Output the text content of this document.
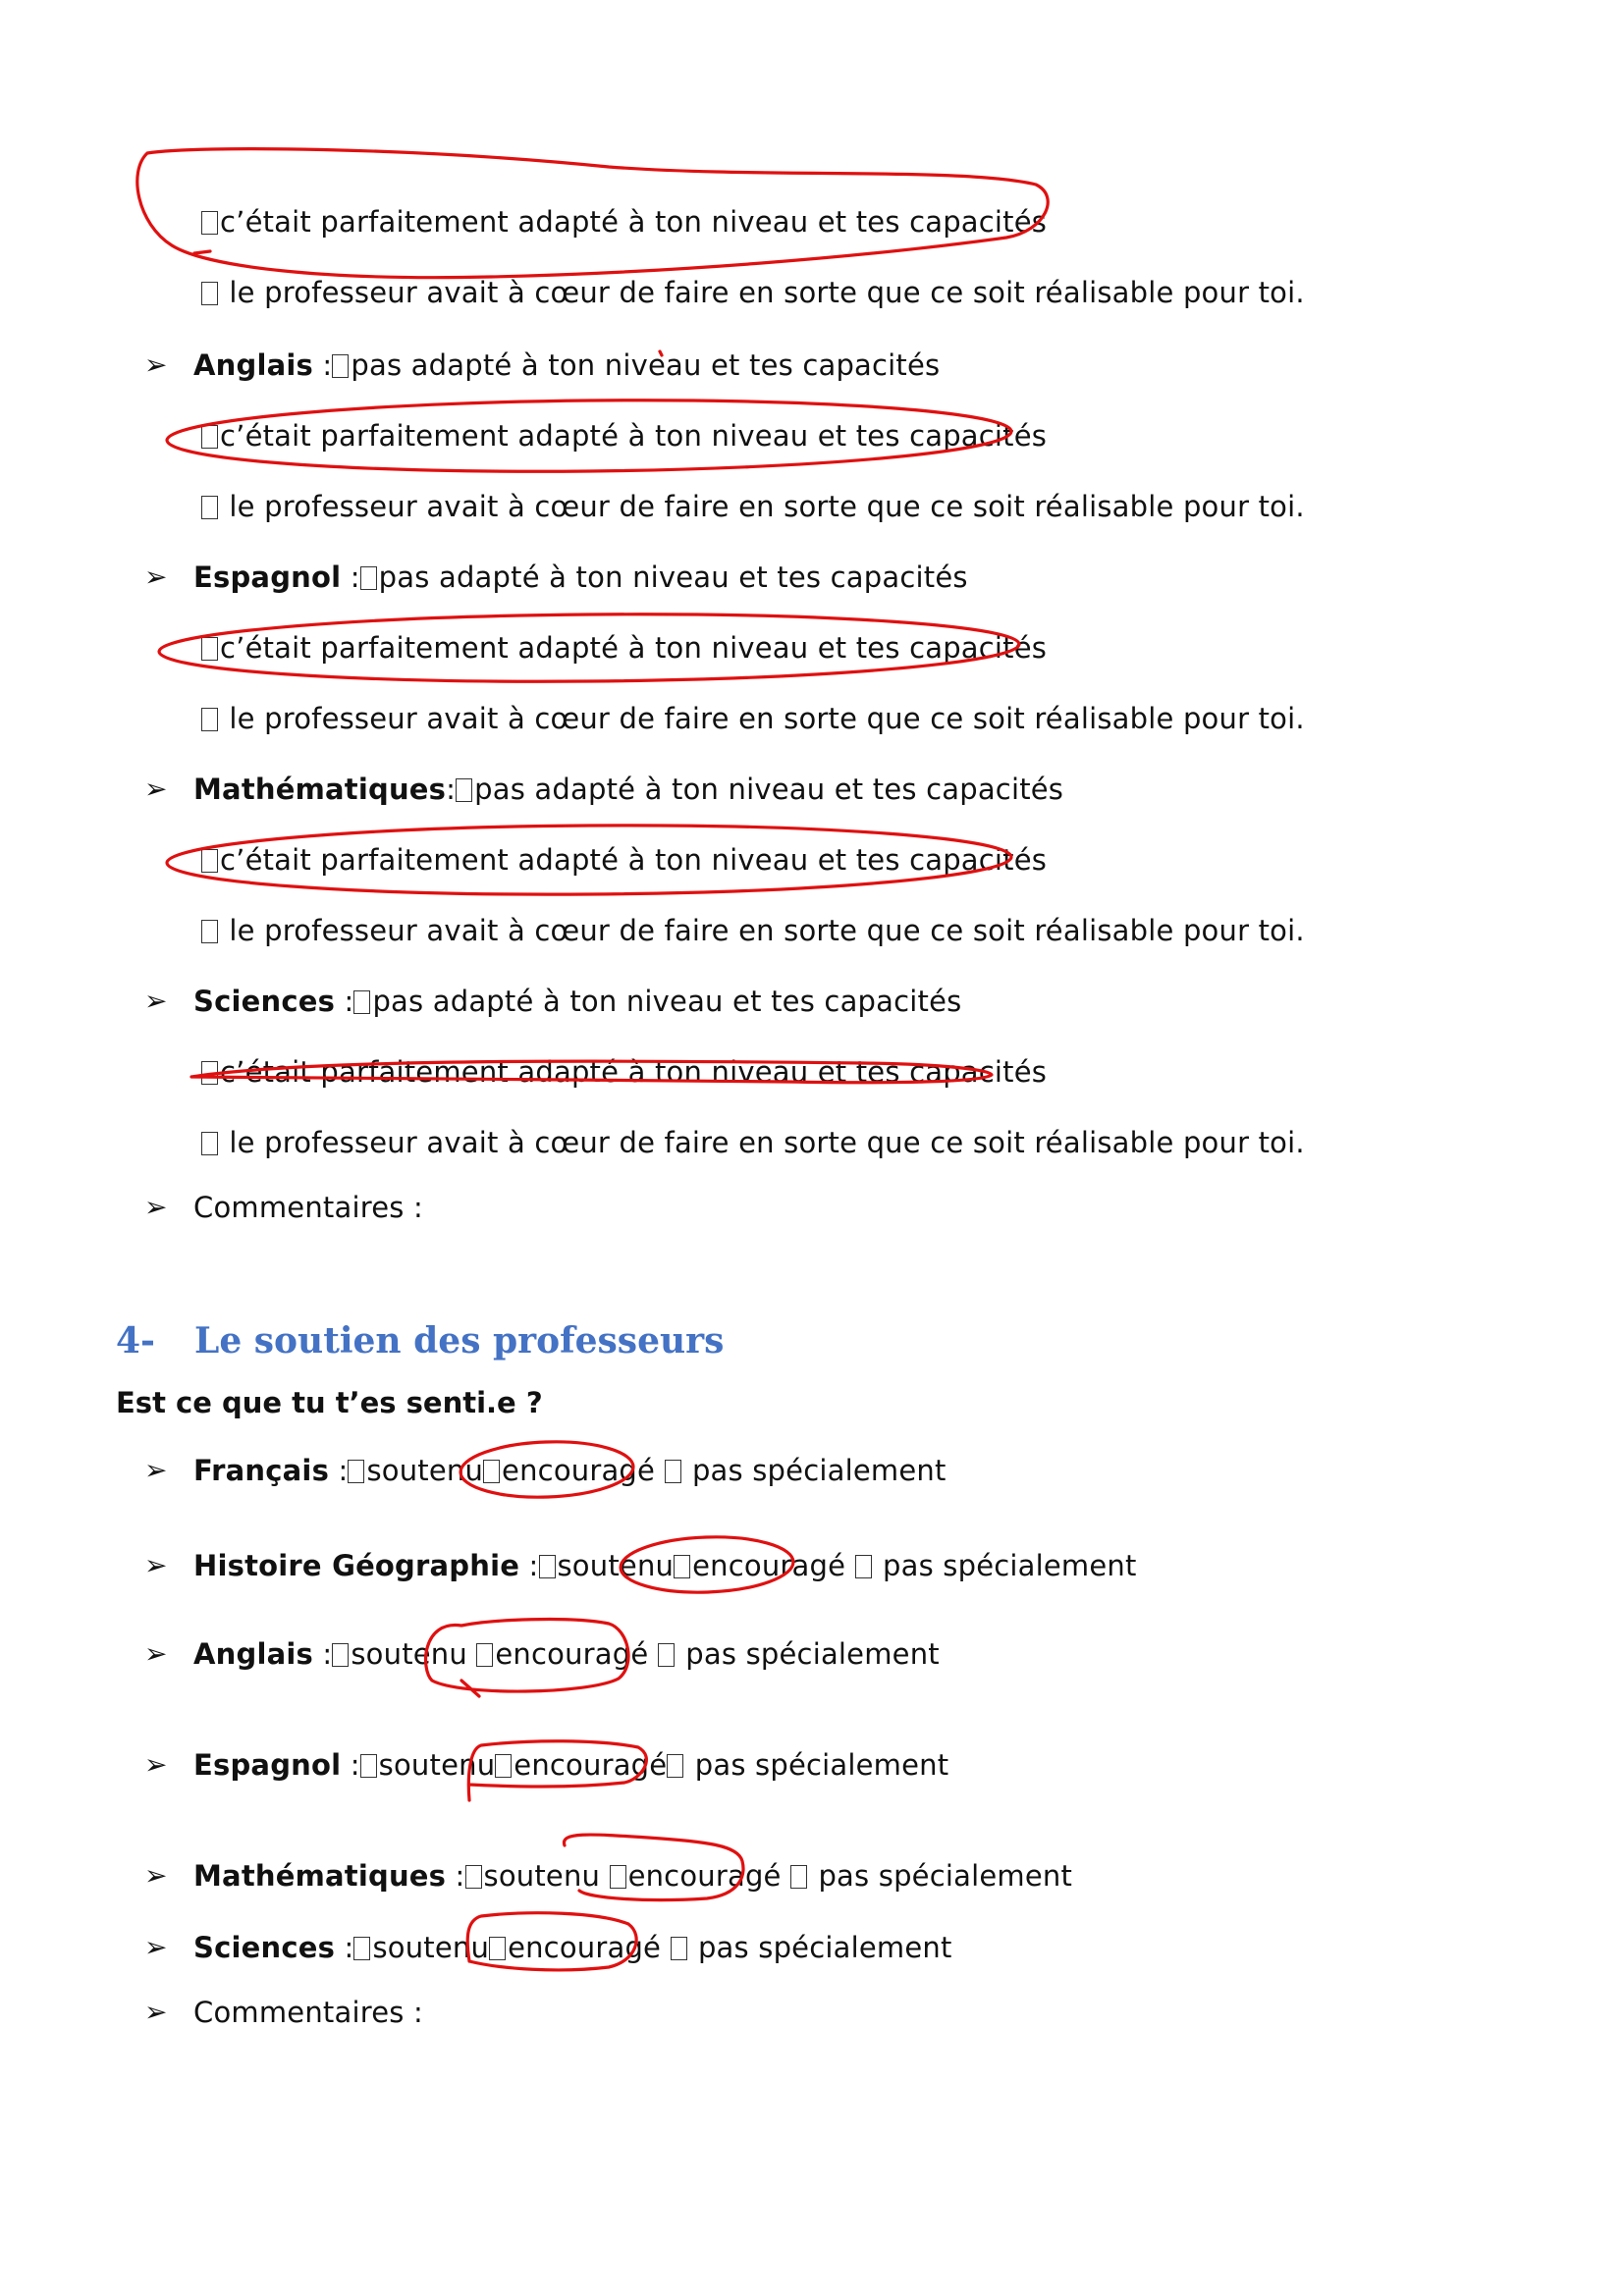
c’était parfaitement adapté à ton niveau et tes capacités
le professeur avait à cœur de faire en sorte que ce soit réalisable pour toi.
➢ Anglais : pas adapté à ton niveau et tes capacités
c’était parfaitement adapté à ton niveau et tes capacités
le professeur avait à cœur de faire en sorte que ce soit réalisable pour toi.
➢ Espagnol : pas adapté à ton niveau et tes capacités
c’était parfaitement adapté à ton niveau et tes capacités
le professeur avait à cœur de faire en sorte que ce soit réalisable pour toi.
➢ Mathématiques: pas adapté à ton niveau et tes capacités
c’était parfaitement adapté à ton niveau et tes capacités
le professeur avait à cœur de faire en sorte que ce soit réalisable pour toi.
➢ Sciences : pas adapté à ton niveau et tes capacités
c’était parfaitement adapté à ton niveau et tes capacités
le professeur avait à cœur de faire en sorte que ce soit réalisable pour toi.
➢ Commentaires :
4- Le soutien des professeurs
Est ce que tu t’es senti.e ?
➢ Français : soutenu encouragé pas spécialement
➢ Histoire Géographie : soutenu encouragé pas spécialement
➢ Anglais : soutenu encouragé pas spécialement
➢ Espagnol : soutenu encouragé pas spécialement
➢ Mathématiques : soutenu encouragé pas spécialement
➢ Sciences : soutenu encouragé pas spécialement
➢ Commentaires :
